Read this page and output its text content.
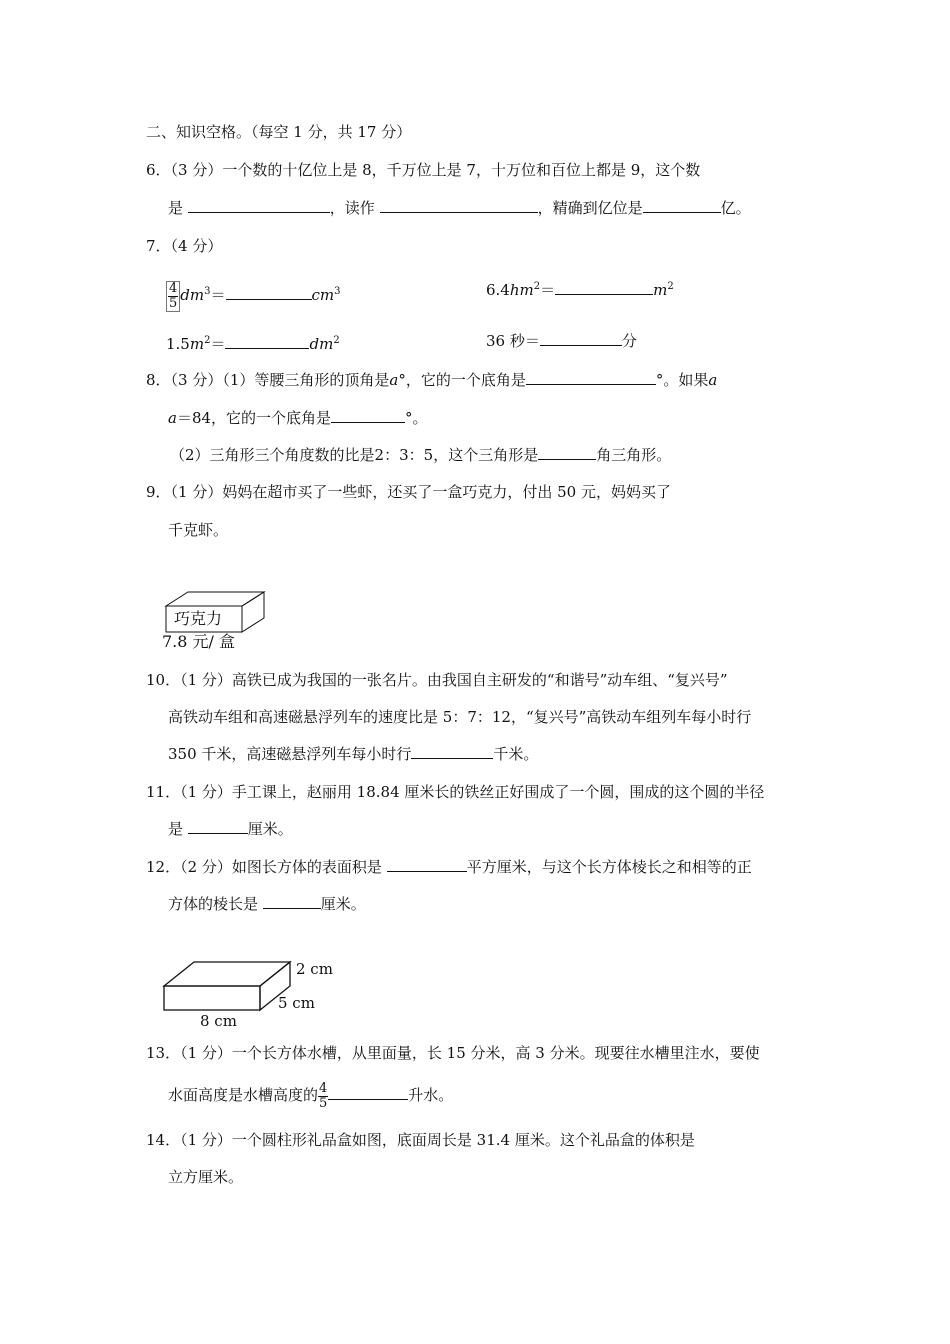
二、知识空格。（每空 1 分，共 17 分）
6．（3 分）一个数的十亿位上是 8，千万位上是 7，十万位和百位上都是 9，这个数
是	，读作	，精确到亿位是	亿。
7．（4 分）
$\frac{4}{5} dm^3=$	$cm^3$	$6.4hm^2=$	$m^2$
$1.5m^2=$	$dm^2$	36 秒＝	分
8．（3 分）（1）等腰三角形的顶角是a°，它的一个底角是	°。如果a
a＝84，它的一个底角是	°。
（2）三角形三个角度数的比是2：3：5，这个三角形是	角三角形。
9．（1 分）妈妈在超市买了一些虾，还买了一盒巧克力，付出 50 元，妈妈买了
千克虾。
巧克力
7.8 元/ 盒
10．（1 分）高铁已成为我国的一张名片。由我国自主研发的“和谐号”动车组、“复兴号”
高铁动车组和高速磁悬浮列车的速度比是 5：7：12，“复兴号”高铁动车组列车每小时行
350 千米，高速磁悬浮列车每小时行	千米。
11．（1 分）手工课上，赵丽用 18.84 厘米长的铁丝正好围成了一个圆，围成的这个圆的半径
是	厘米。
12．（2 分）如图长方体的表面积是	平方厘米，与这个长方体棱长之和相等的正
方体的棱长是	厘米。
2 cm
5 cm
8 cm
13．（1 分）一个长方体水槽，从里面量，长 15 分米，高 3 分米。现要往水槽里注水，要使
水面高度是水槽高度的 $\frac{4}{5}$	升水。
14．（1 分）一个圆柱形礼品盒如图，底面周长是 31.4 厘米。这个礼品盒的体积是
立方厘米。
